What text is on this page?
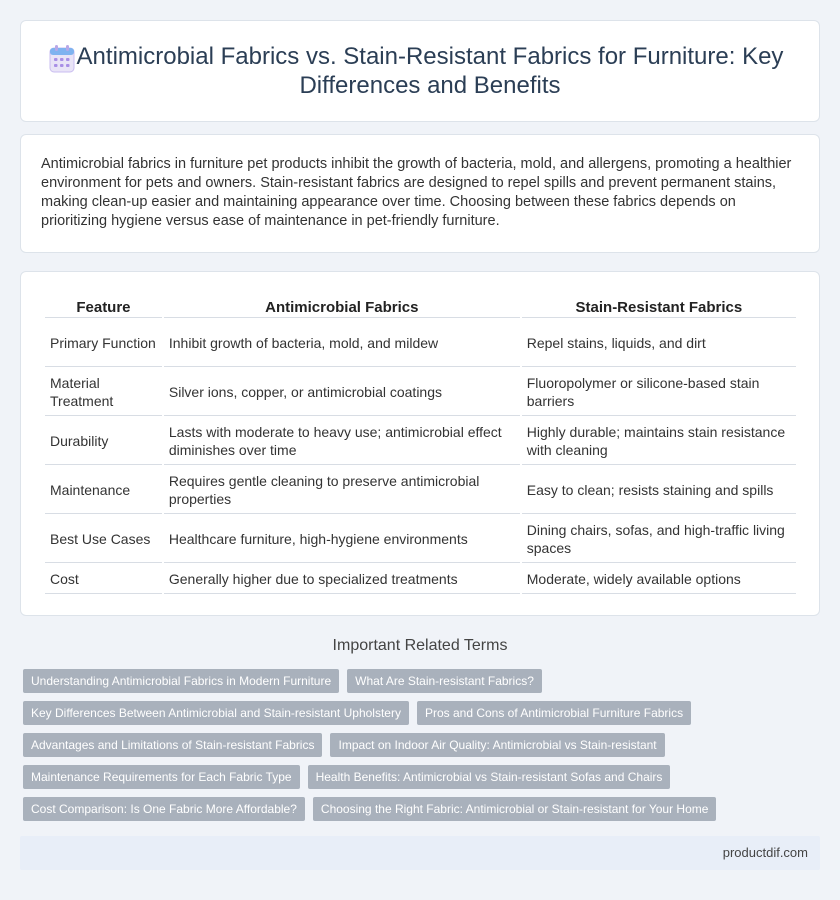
Antimicrobial Fabrics vs. Stain-Resistant Fabrics for Furniture: Key Differences and Benefits

Antimicrobial fabrics in furniture pet products inhibit the growth of bacteria, mold, and allergens, promoting a healthier environment for pets and owners. Stain-resistant fabrics are designed to repel spills and prevent permanent stains, making clean-up easier and maintaining appearance over time. Choosing between these fabrics depends on prioritizing hygiene versus ease of maintenance in pet-friendly furniture.

Feature	Antimicrobial Fabrics	Stain-Resistant Fabrics
Primary Function	Inhibit growth of bacteria, mold, and mildew	Repel stains, liquids, and dirt
Material Treatment	Silver ions, copper, or antimicrobial coatings	Fluoropolymer or silicone-based stain barriers
Durability	Lasts with moderate to heavy use; antimicrobial effect diminishes over time	Highly durable; maintains stain resistance with cleaning
Maintenance	Requires gentle cleaning to preserve antimicrobial properties	Easy to clean; resists staining and spills
Best Use Cases	Healthcare furniture, high-hygiene environments	Dining chairs, sofas, and high-traffic living spaces
Cost	Generally higher due to specialized treatments	Moderate, widely available options
Important Related Terms
Understanding Antimicrobial Fabrics in Modern Furniture	What Are Stain-resistant Fabrics?
Key Differences Between Antimicrobial and Stain-resistant Upholstery	Pros and Cons of Antimicrobial Furniture Fabrics
Advantages and Limitations of Stain-resistant Fabrics	Impact on Indoor Air Quality: Antimicrobial vs Stain-resistant
Maintenance Requirements for Each Fabric Type	Health Benefits: Antimicrobial vs Stain-resistant Sofas and Chairs
Cost Comparison: Is One Fabric More Affordable?	Choosing the Right Fabric: Antimicrobial or Stain-resistant for Your Home
productdif.com
